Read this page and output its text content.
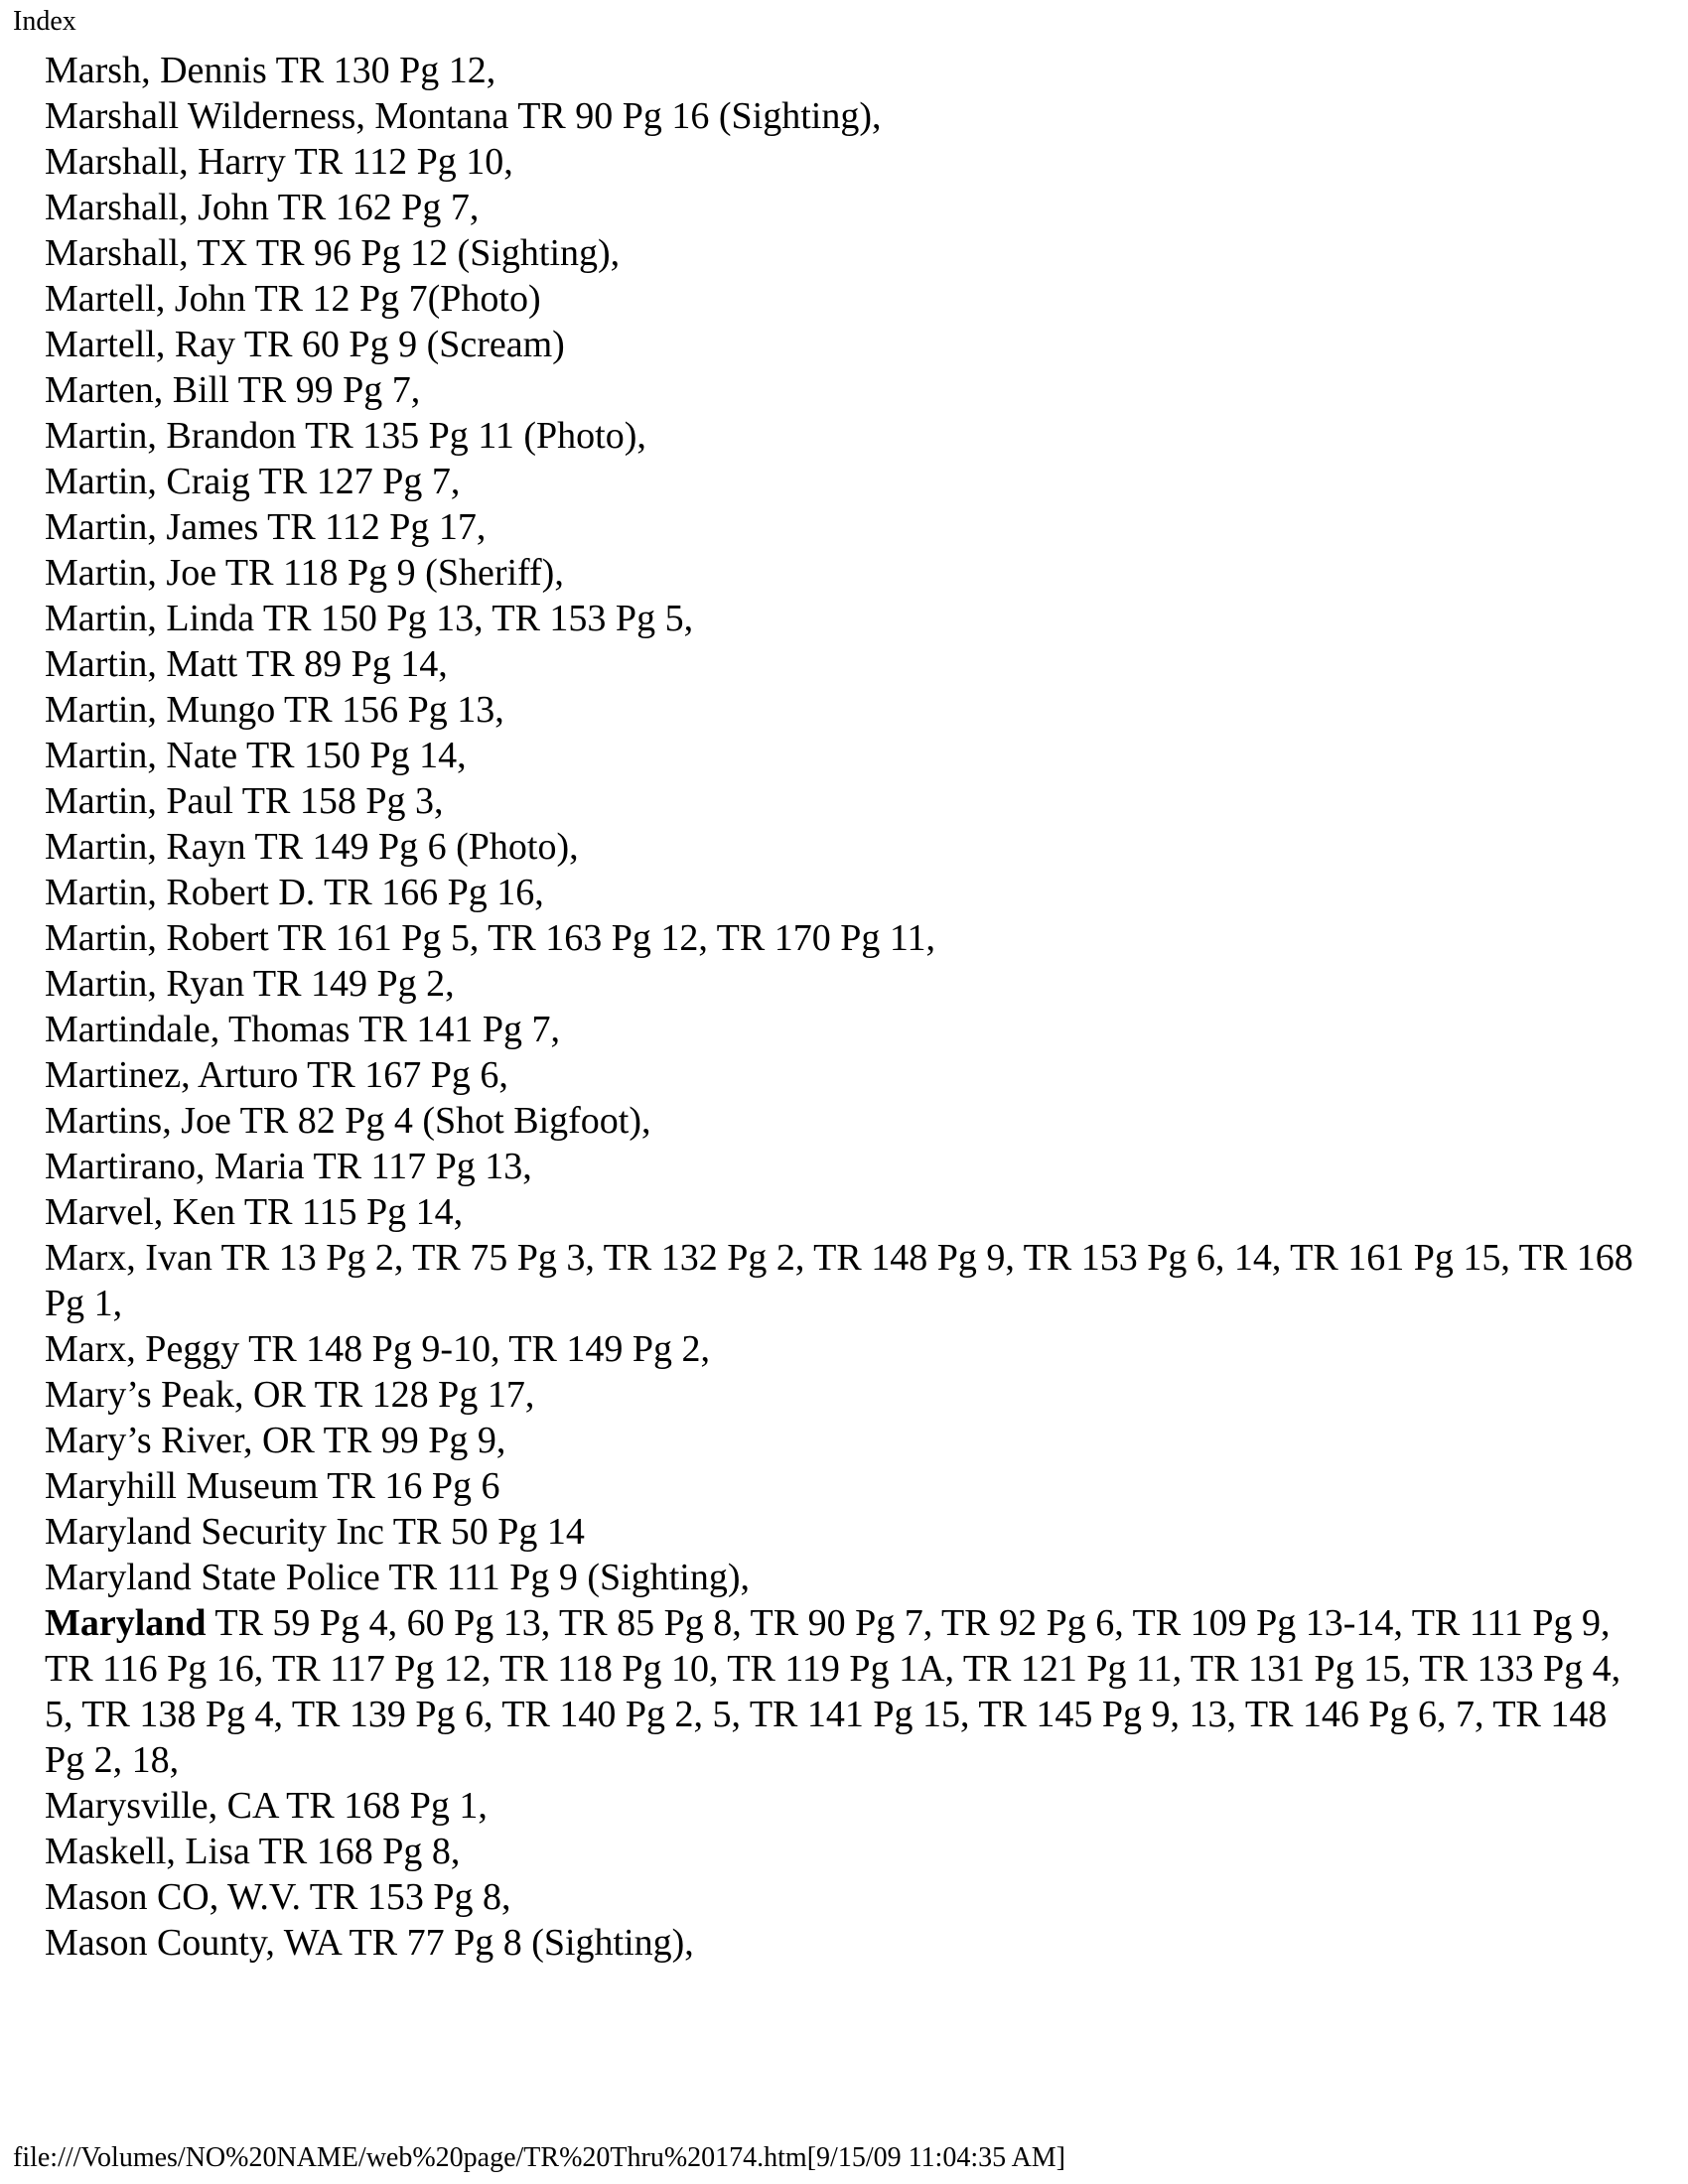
Index

Marsh, Dennis TR 130 Pg 12,

Marshall Wilderness, Montana TR 90 Pg 16 (Sighting),

Marshall, Harry TR 112 Pg 10,

Marshall, John TR 162 Pg 7,

Marshall, TX TR 96 Pg 12 (Sighting),

Martell, John TR 12 Pg 7(Photo)

Martell, Ray TR 60 Pg 9 (Scream)

Marten, Bill TR 99 Pg 7,

Martin, Brandon TR 135 Pg 11 (Photo),

Martin, Craig TR 127 Pg 7,

Martin, James TR 112 Pg 17,

Martin, Joe TR 118 Pg 9 (Sheriff),

Martin, Linda TR 150 Pg 13, TR 153 Pg 5,

Martin, Matt TR 89 Pg 14,

Martin, Mungo TR 156 Pg 13,

Martin, Nate TR 150 Pg 14,

Martin, Paul TR 158 Pg 3,

Martin, Rayn TR 149 Pg 6 (Photo),

Martin, Robert D. TR 166 Pg 16,

Martin, Robert TR 161 Pg 5, TR 163 Pg 12, TR 170 Pg 11,

Martin, Ryan TR 149 Pg 2,

Martindale, Thomas TR 141 Pg 7,

Martinez, Arturo TR 167 Pg 6,

Martins, Joe TR 82 Pg 4 (Shot Bigfoot),

Martirano, Maria TR 117 Pg 13,

Marvel, Ken TR 115 Pg 14,

Marx, Ivan TR 13 Pg 2, TR 75 Pg 3, TR 132 Pg 2, TR 148 Pg 9, TR 153 Pg 6, 14, TR 161 Pg 15, TR 168 Pg 1,

Marx, Peggy TR 148 Pg 9-10, TR 149 Pg 2,

Mary’s Peak, OR TR 128 Pg 17,

Mary’s River, OR TR 99 Pg 9,

Maryhill Museum TR 16 Pg 6

Maryland Security Inc TR 50 Pg 14

Maryland State Police TR 111 Pg 9 (Sighting),

Maryland TR 59 Pg 4, 60 Pg 13, TR 85 Pg 8, TR 90 Pg 7, TR 92 Pg 6, TR 109 Pg 13-14, TR 111 Pg 9, TR 116 Pg 16, TR 117 Pg 12, TR 118 Pg 10, TR 119 Pg 1A, TR 121 Pg 11, TR 131 Pg 15, TR 133 Pg 4, 5, TR 138 Pg 4, TR 139 Pg 6, TR 140 Pg 2, 5, TR 141 Pg 15, TR 145 Pg 9, 13, TR 146 Pg 6, 7, TR 148 Pg 2, 18,

Marysville, CA TR 168 Pg 1,

Maskell, Lisa TR 168 Pg 8,

Mason CO, W.V. TR 153 Pg 8,

Mason County, WA TR 77 Pg 8 (Sighting),

file:///Volumes/NO%20NAME/web%20page/TR%20Thru%20174.htm[9/15/09 11:04:35 AM]
